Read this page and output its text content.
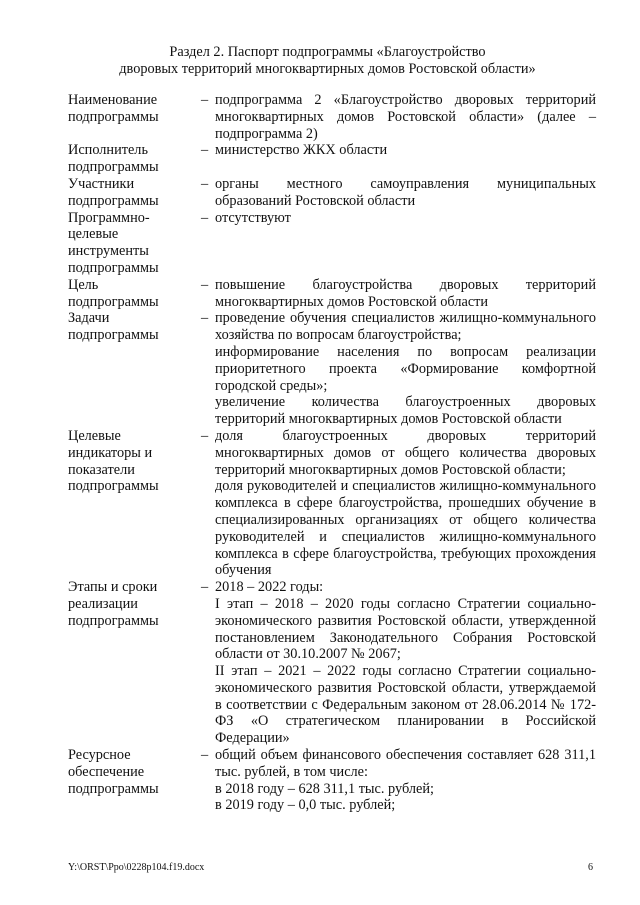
Раздел 2. Паспорт подпрограммы «Благоустройство
дворовых территорий многоквартирных домов Ростовской области»
Наименование
подпрограммы
– подпрограмма 2 «Благоустройство дворовых территорий многоквартирных домов Ростовской области» (далее – подпрограмма 2)
Исполнитель
подпрограммы
– министерство ЖКХ области
Участники
подпрограммы
– органы местного самоуправления муниципальных образований Ростовской области
Программно-
целевые
инструменты
подпрограммы
– отсутствуют
Цель
подпрограммы
– повышение благоустройства дворовых территорий многоквартирных домов Ростовской области
Задачи
подпрограммы
– проведение обучения специалистов жилищно-коммунального хозяйства по вопросам благоустройства;
информирование населения по вопросам реализации приоритетного проекта «Формирование комфортной городской среды»;
увеличение количества благоустроенных дворовых территорий многоквартирных домов Ростовской области
Целевые
индикаторы и
показатели
подпрограммы
– доля благоустроенных дворовых территорий многоквартирных домов от общего количества дворовых территорий многоквартирных домов Ростовской области;
доля руководителей и специалистов жилищно-коммунального комплекса в сфере благоустройства, прошедших обучение в специализированных организациях от общего количества руководителей и специалистов жилищно-коммунального комплекса в сфере благоустройства, требующих прохождения обучения
Этапы и сроки
реализации
подпрограммы
– 2018 – 2022 годы:
I этап – 2018 – 2020 годы согласно Стратегии социально-экономического развития Ростовской области, утвержденной постановлением Законодательного Собрания Ростовской области от 30.10.2007 № 2067;
II этап – 2021 – 2022 годы согласно Стратегии социально-экономического развития Ростовской области, утверждаемой в соответствии с Федеральным законом от 28.06.2014 № 172-ФЗ «О стратегическом планировании в Российской Федерации»
Ресурсное
обеспечение
подпрограммы
– общий объем финансового обеспечения составляет 628 311,1 тыс. рублей, в том числе:
в 2018 году – 628 311,1 тыс. рублей;
в 2019 году – 0,0 тыс. рублей;
Y:\ORST\Ppo\0228p104.f19.docx	6
